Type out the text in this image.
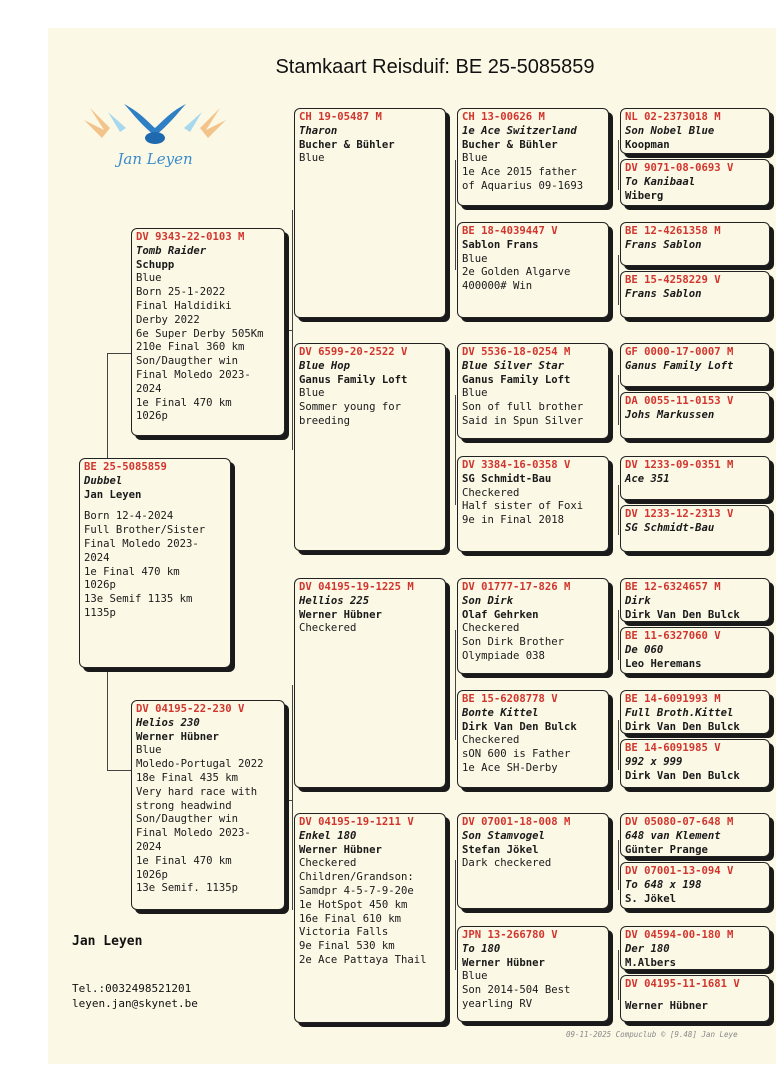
Stamkaart Reisduif: BE 25-5085859
Jan Leyen
BE 25-5085859
Dubbel
Jan Leyen
Born 12-4-2024
Full Brother/Sister
Final Moledo 2023-
2024
1e Final 470 km
1026p
13e Semif 1135 km
1135p
DV 9343-22-0103 M
Tomb Raider
Schupp
Blue
Born 25-1-2022
Final Haldidiki
Derby 2022
6e Super Derby 505Km
210e Final 360 km
Son/Daugther win
Final Moledo 2023-
2024
1e Final 470 km
1026p
DV 04195-22-230 V
Helios 230
Werner Hübner
Blue
Moledo-Portugal 2022
18e Final 435 km
Very hard race with
strong headwind
Son/Daugther win
Final Moledo 2023-
2024
1e Final 470 km
1026p
13e Semif. 1135p
CH 19-05487 M
Tharon
Bucher & Bühler
Blue
DV 6599-20-2522 V
Blue Hop
Ganus Family Loft
Blue
Sommer young for
breeding
DV 04195-19-1225 M
Hellios 225
Werner Hübner
Checkered
DV 04195-19-1211 V
Enkel 180
Werner Hübner
Checkered
Children/Grandson:
Samdpr 4-5-7-9-20e
1e HotSpot 450 km
16e Final 610 km
Victoria Falls
9e Final 530 km
2e Ace Pattaya Thail
CH 13-00626 M
1e Ace Switzerland
Bucher & Bühler
Blue
1e Ace 2015 father
of Aquarius 09-1693
BE 18-4039447 V
Sablon Frans
Blue
2e Golden Algarve
400000# Win
DV 5536-18-0254 M
Blue Silver Star
Ganus Family Loft
Blue
Son of full brother
Said in Spun Silver
DV 3384-16-0358 V
SG Schmidt-Bau
Checkered
Half sister of Foxi
9e in Final 2018
DV 01777-17-826 M
Son Dirk
Olaf Gehrken
Checkered
Son Dirk Brother
Olympiade 038
BE 15-6208778 V
Bonte Kittel
Dirk Van Den Bulck
Checkered
sON 600 is Father
1e Ace SH-Derby
DV 07001-18-008 M
Son Stamvogel
Stefan Jökel
Dark checkered
JPN 13-266780 V
To 180
Werner Hübner
Blue
Son 2014-504 Best
yearling RV
NL 02-2373018 M
Son Nobel Blue
Koopman
DV 9071-08-0693 V
To Kanibaal
Wiberg
BE 12-4261358 M
Frans Sablon
BE 15-4258229 V
Frans Sablon
GF 0000-17-0007 M
Ganus Family Loft
DA 0055-11-0153 V
Johs Markussen
DV 1233-09-0351 M
Ace 351
DV 1233-12-2313 V
SG Schmidt-Bau
BE 12-6324657 M
Dirk
Dirk Van Den Bulck
BE 11-6327060 V
De 060
Leo Heremans
BE 14-6091993 M
Full Broth.Kittel
Dirk Van Den Bulck
BE 14-6091985 V
992 x 999
Dirk Van Den Bulck
DV 05080-07-648 M
648 van Klement
Günter Prange
DV 07001-13-094 V
To 648 x 198
S. Jökel
DV 04594-00-180 M
Der 180
M.Albers
DV 04195-11-1681 V
Werner Hübner
Jan Leyen
Tel.:0032498521201
leyen.jan@skynet.be
09-11-2025 Compuclub © [9.48] Jan Leye
